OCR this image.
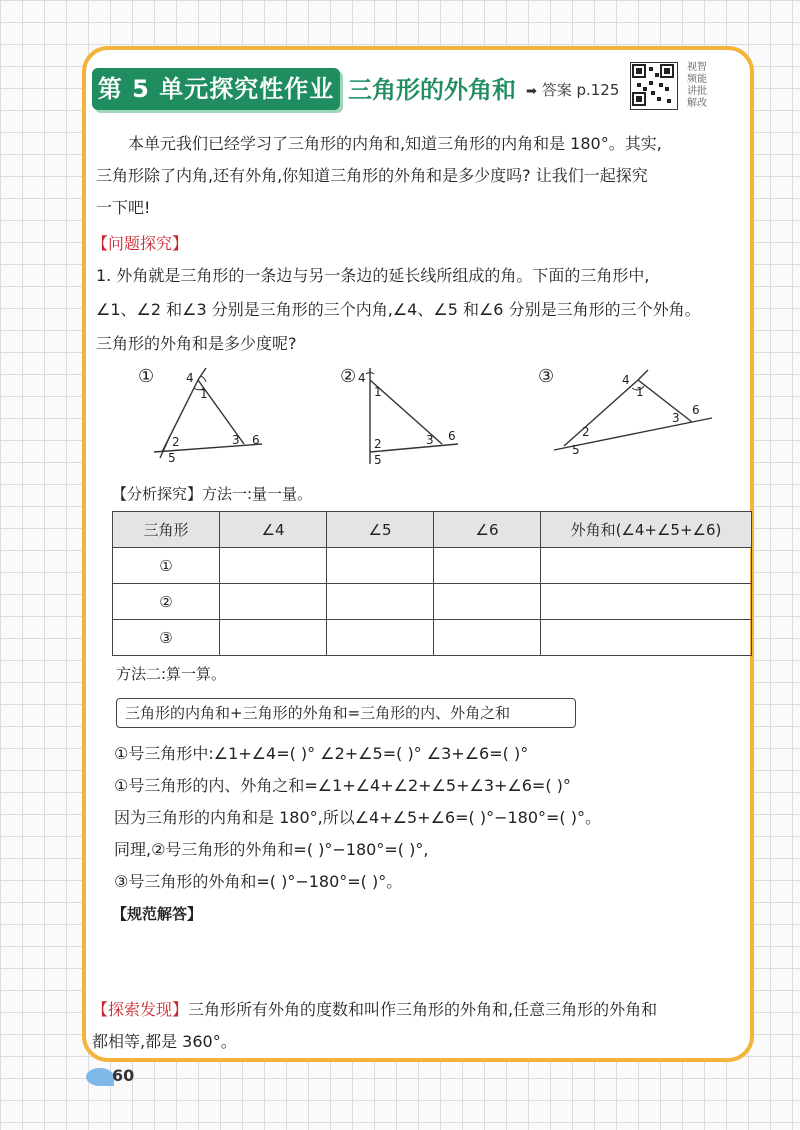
第 5 单元探究性作业 三角形的外角和 ➡ 答案 p.125
视智
频能
讲批
解改

本单元我们已经学习了三角形的内角和,知道三角形的内角和是 180°。其实,

三角形除了内角,还有外角,你知道三角形的外角和是多少度吗? 让我们一起探究

一下吧!

【问题探究】

1. 外角就是三角形的一条边与另一条边的延长线所组成的角。下面的三角形中,

∠1、∠2 和∠3 分别是三角形的三个内角,∠4、∠5 和∠6 分别是三角形的三个外角。

三角形的外角和是多少度呢?

①
1
4
2
5
3 6
②
1
4
2
5
3 6
③
1
4
2
5
3
6
【分析探究】方法一:量一量。
三角形	∠4	∠5	∠6	外角和(∠4+∠5+∠6)
①				
②				
③				
方法二:算一算。
三角形的内角和+三角形的外角和=三角形的内、外角之和
①号三角形中:∠1+∠4=( )° ∠2+∠5=( )° ∠3+∠6=( )°
①号三角形的内、外角之和=∠1+∠4+∠2+∠5+∠3+∠6=( )°
因为三角形的内角和是 180°,所以∠4+∠5+∠6=( )°−180°=( )°。
同理,②号三角形的外角和=( )°−180°=( )°,
③号三角形的外角和=( )°−180°=( )°。
【规范解答】
【探索发现】三角形所有外角的度数和叫作三角形的外角和,任意三角形的外角和
都相等,都是 360°。
60
